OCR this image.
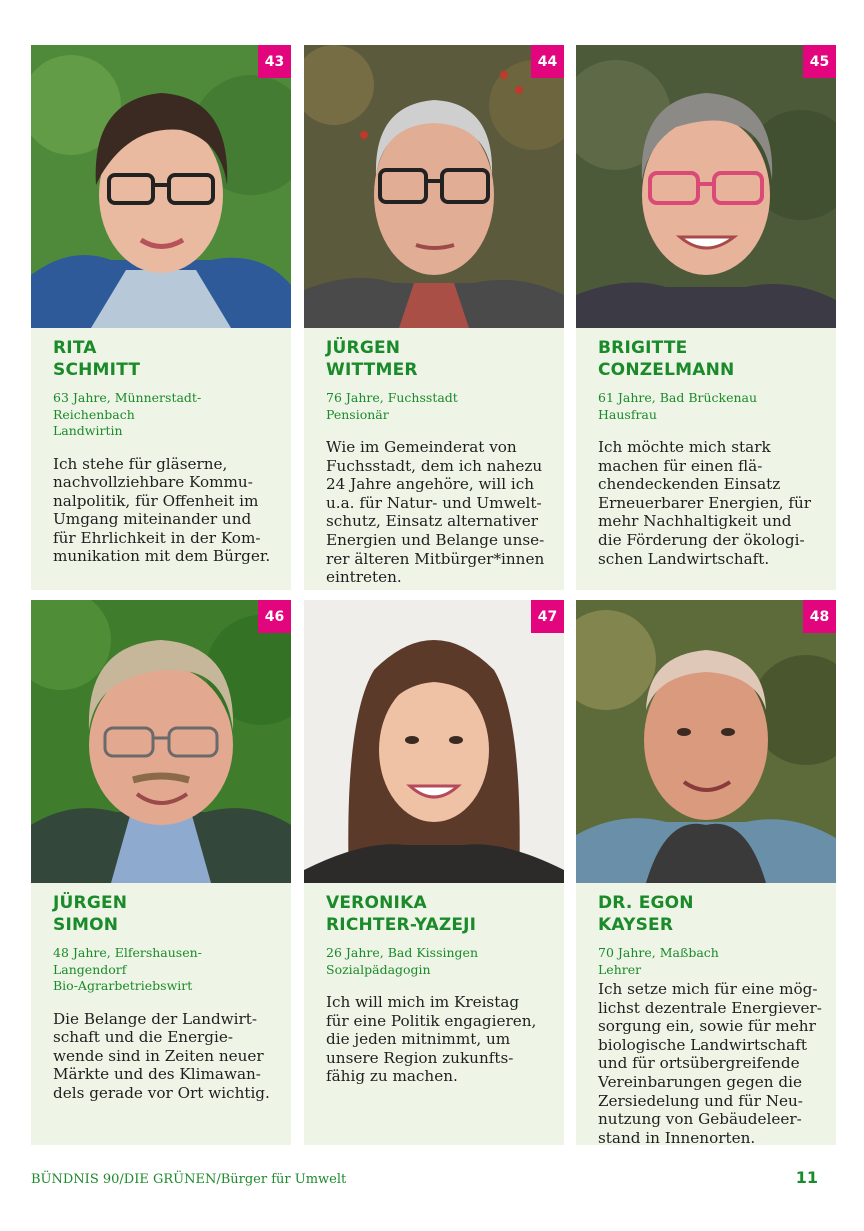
43
RITA
SCHMITT
63 Jahre, Münnerstadt-
Reichenbach
Landwirtin
Ich stehe für gläserne,
nachvollziehbare Kommu-
nalpolitik, für Offenheit im
Umgang miteinander und
für Ehrlichkeit in der Kom-
munikation mit dem Bürger.
44
JÜRGEN
WITTMER
76 Jahre, Fuchsstadt
Pensionär
Wie im Gemeinderat von
Fuchsstadt, dem ich nahezu
24 Jahre angehöre, will ich
u.a. für Natur- und Umwelt-
schutz, Einsatz alternativer
Energien und Belange unse-
rer älteren Mitbürger*innen
eintreten.
45
BRIGITTE
CONZELMANN
61 Jahre, Bad Brückenau
Hausfrau
Ich möchte mich stark
machen für einen flä-
chendeckenden Einsatz
Erneuerbarer Energien, für
mehr Nachhaltigkeit und
die Förderung der ökologi-
schen Landwirtschaft.
46
JÜRGEN
SIMON
48 Jahre, Elfershausen-
Langendorf
Bio-Agrarbetriebswirt
Die Belange der Landwirt-
schaft und die Energie-
wende sind in Zeiten neuer
Märkte und des Klimawan-
dels gerade vor Ort wichtig.
47
VERONIKA
RICHTER-YAZEJI
26 Jahre, Bad Kissingen
Sozialpädagogin
Ich will mich im Kreistag
für eine Politik engagieren,
die jeden mitnimmt, um
unsere Region zukunfts-
fähig zu machen.
48
DR. EGON
KAYSER
70 Jahre, Maßbach
Lehrer
Ich setze mich für eine mög-
lichst dezentrale Energiever-
sorgung ein, sowie für mehr
biologische Landwirtschaft
und für ortsübergreifende
Vereinbarungen gegen die
Zersiedelung und für Neu-
nutzung von Gebäudeleer-
stand in Innenorten.
BÜNDNIS 90/DIE GRÜNEN/Bürger für Umwelt	11
